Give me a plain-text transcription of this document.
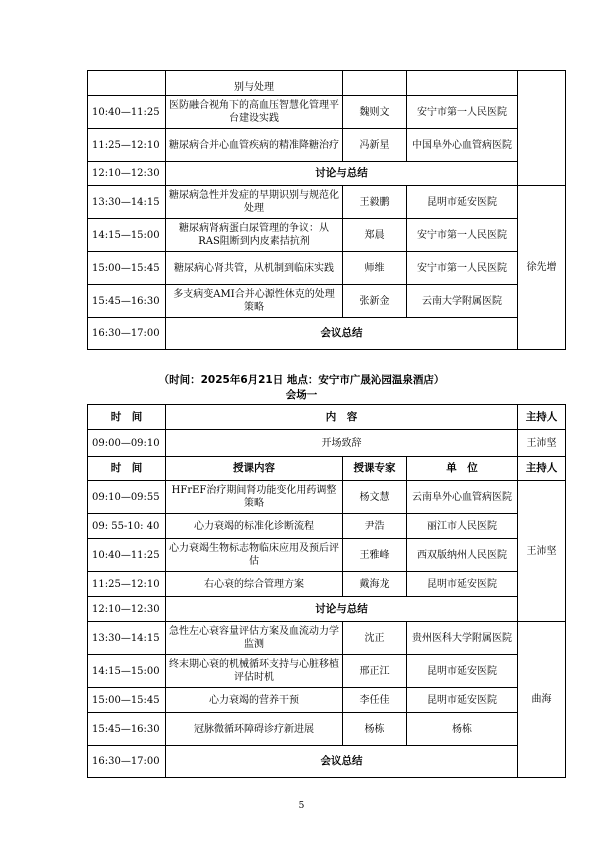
	别与处理			
10:40—11:25	医防融合视角下的高血压智慧化管理平台建设实践	魏则文	安宁市第一人民医院	
11:25—12:10	糖尿病合并心血管疾病的精准降糖治疗	冯新星	中国阜外心血管病医院	
12:10—12:30	讨论与总结			
13:30—14:15	糖尿病急性并发症的早期识别与规范化处理	王毅鹏	昆明市延安医院	徐先增
14:15—15:00	糖尿病肾病蛋白尿管理的争议：从RAS阻断到内皮素拮抗剂	郑晨	安宁市第一人民医院	
15:00—15:45	糖尿病心肾共管，从机制到临床实践	师维	安宁市第一人民医院	
15:45—16:30	多支病变AMI合并心源性休克的处理策略	张新金	云南大学附属医院	
16:30—17:00	会议总结			
（时间：2025年6月21日 地点：安宁市广晟沁园温泉酒店）
会场一
时　间	内　容			主持人
09:00—09:10	开场致辞			王沛坚
时　间	授课内容	授课专家	单　位	主持人
09:10—09:55	HFrEF治疗期间肾功能变化用药调整策略	杨文慧	云南阜外心血管病医院	王沛坚
09: 55-10: 40	心力衰竭的标准化诊断流程	尹浩	丽江市人民医院	
10:40—11:25	心力衰竭生物标志物临床应用及预后评估	王雅峰	西双版纳州人民医院	
11:25—12:10	右心衰的综合管理方案	戴海龙	昆明市延安医院	
12:10—12:30	讨论与总结			
13:30—14:15	急性左心衰容量评估方案及血流动力学监测	沈正	贵州医科大学附属医院	曲海
14:15—15:00	终末期心衰的机械循环支持与心脏移植评估时机	邢正江	昆明市延安医院	
15:00—15:45	心力衰竭的营养干预	李任佳	昆明市延安医院	
15:45—16:30	冠脉微循环障碍诊疗新进展	杨栋	杨栋	
16:30—17:00	会议总结			
5
